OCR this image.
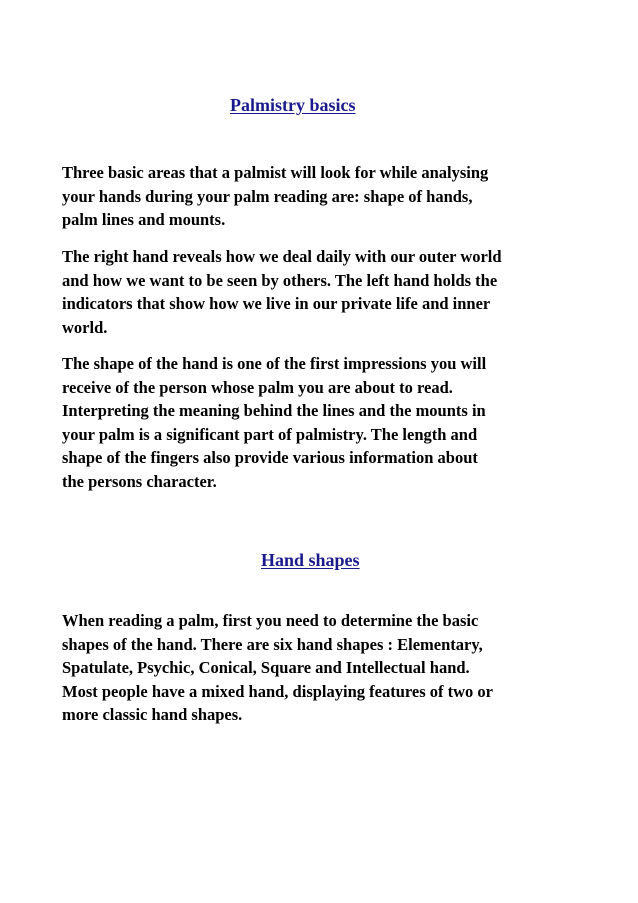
Palmistry basics

Three basic areas that a palmist will look for while analysing
your hands during your palm reading are: shape of hands,
palm lines and mounts.

The right hand reveals how we deal daily with our outer world
and how we want to be seen by others. The left hand holds the
indicators that show how we live in our private life and inner
world.

The shape of the hand is one of the first impressions you will
receive of the person whose palm you are about to read.
Interpreting the meaning behind the lines and the mounts in
your palm is a significant part of palmistry. The length and
shape of the fingers also provide various information about
the persons character.

Hand shapes

When reading a palm, first you need to determine the basic
shapes of the hand. There are six hand shapes : Elementary,
Spatulate, Psychic, Conical, Square and Intellectual hand.
Most people have a mixed hand, displaying features of two or
more classic hand shapes.
